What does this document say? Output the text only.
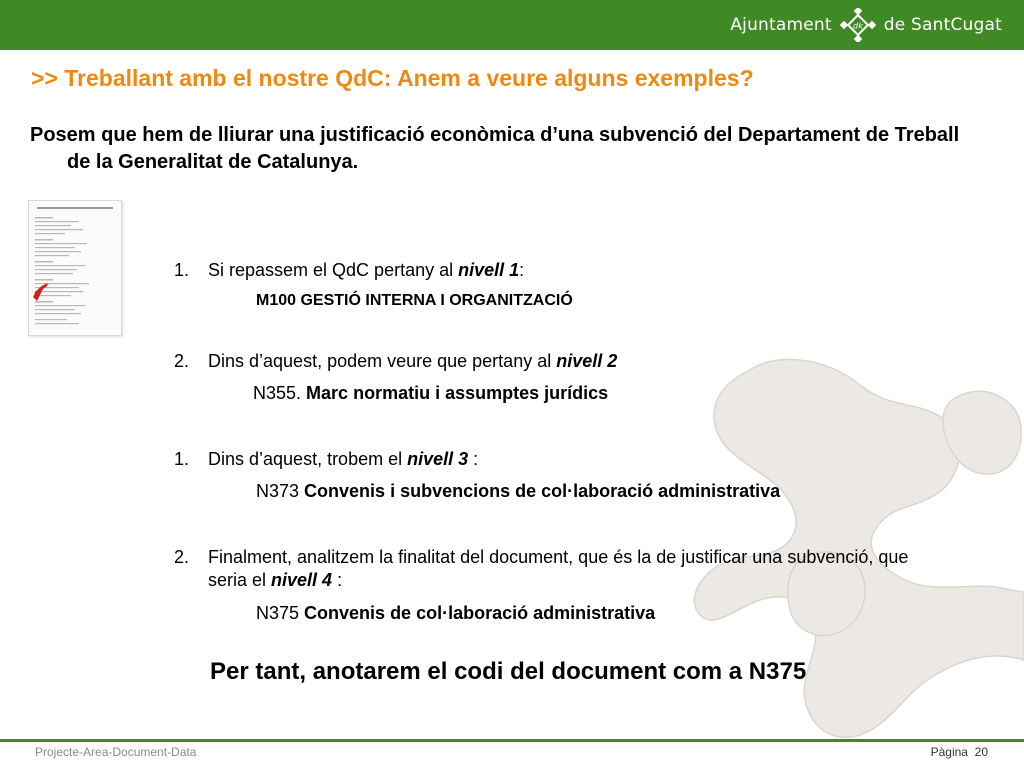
Ajuntament	dk de SantCugat
>> Treballant amb el nostre QdC: Anem a veure alguns exemples?
Posem que hem de lliurar una justificació econòmica d’una subvenció del Departament de Treball de la Generalitat de Catalunya.
1.	Si repassem el QdC pertany al nivell 1:
M100 GESTIÓ INTERNA I ORGANITZACIÓ
2.	Dins d’aquest, podem veure que pertany al nivell 2
N355. Marc normatiu i assumptes jurídics
1.	Dins d’aquest, trobem el nivell 3 :
N373 Convenis i subvencions de col·laboració administrativa
2.	Finalment, analitzem la finalitat del document, que és la de justificar una subvenció, que seria el nivell 4 :
N375 Convenis de col·laboració administrativa
Per tant, anotarem el codi del document com a N375
Projecte-Area-Document-Data	Pàgina 20
